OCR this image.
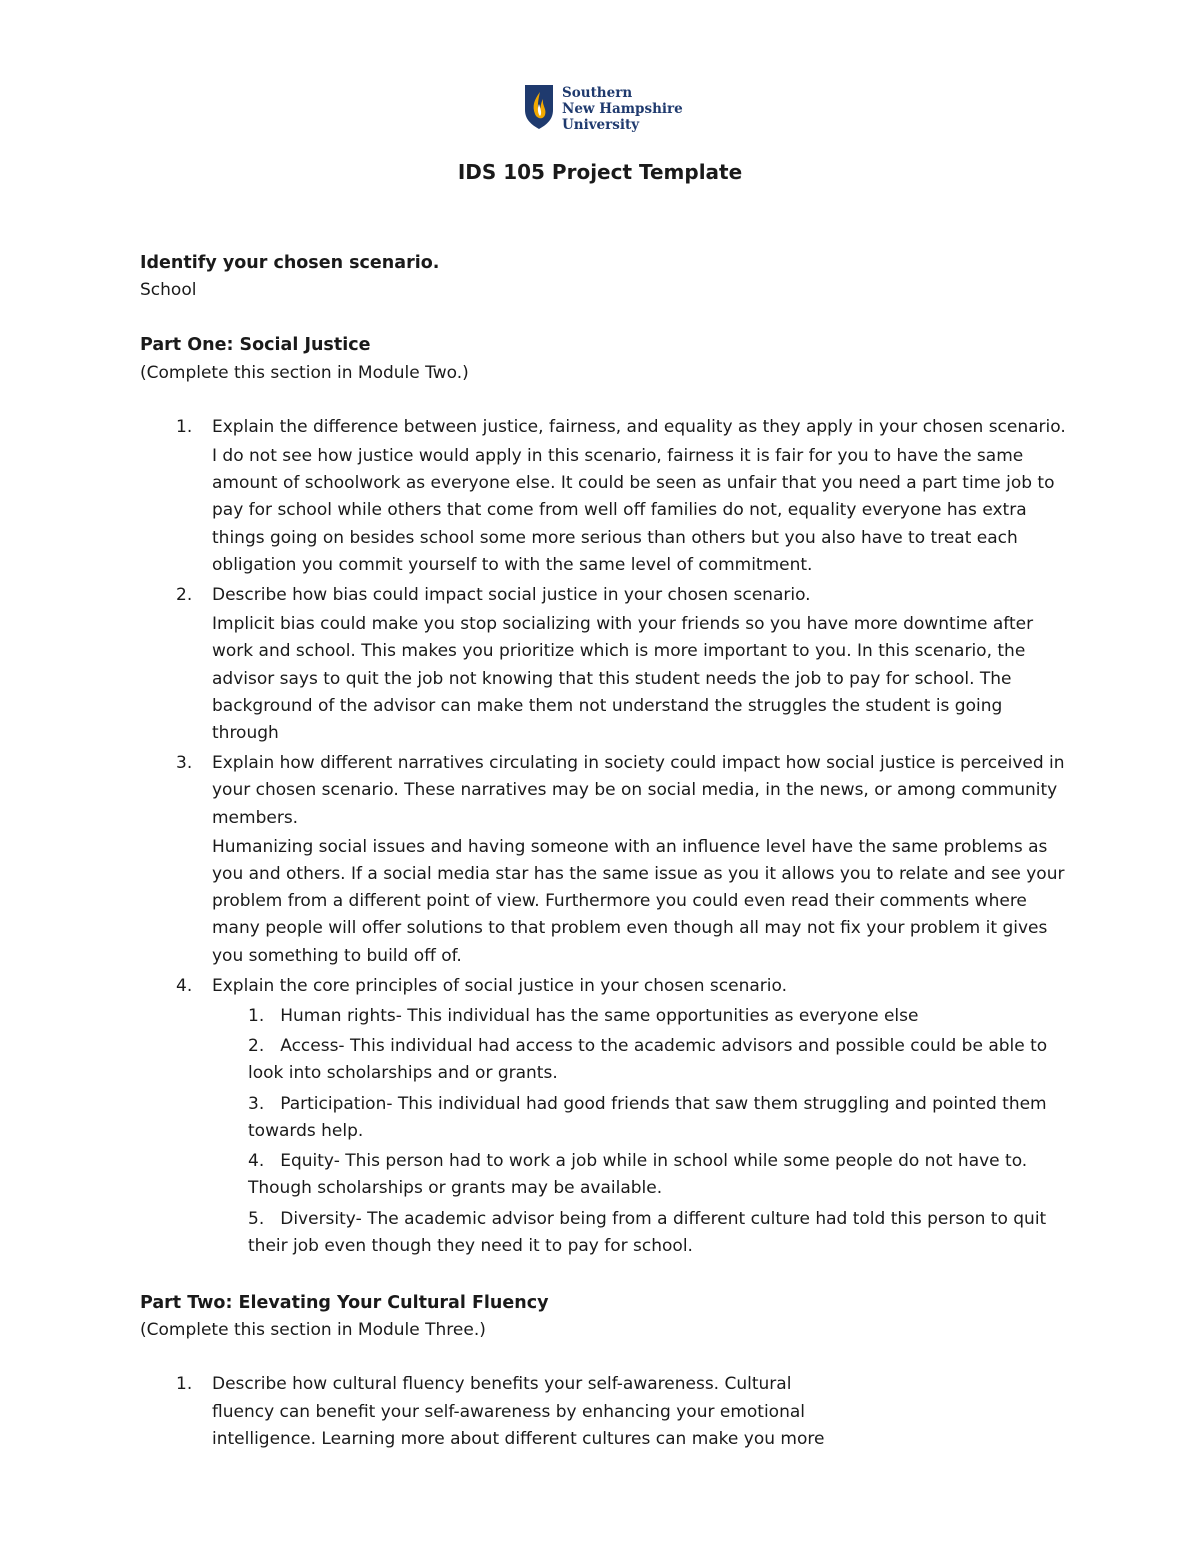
Southern
New Hampshire
University
IDS 105 Project Template
Identify your chosen scenario.
School
Part One: Social Justice
(Complete this section in Module Two.)
1. Explain the difference between justice, fairness, and equality as they apply in your chosen scenario.
I do not see how justice would apply in this scenario, fairness it is fair for you to have the same amount of schoolwork as everyone else. It could be seen as unfair that you need a part time job to pay for school while others that come from well off families do not, equality everyone has extra things going on besides school some more serious than others but you also have to treat each obligation you commit yourself to with the same level of commitment.
2. Describe how bias could impact social justice in your chosen scenario.
Implicit bias could make you stop socializing with your friends so you have more downtime after work and school. This makes you prioritize which is more important to you. In this scenario, the advisor says to quit the job not knowing that this student needs the job to pay for school. The background of the advisor can make them not understand the struggles the student is going through
3. Explain how different narratives circulating in society could impact how social justice is perceived in your chosen scenario. These narratives may be on social media, in the news, or among community members.
Humanizing social issues and having someone with an influence level have the same problems as you and others. If a social media star has the same issue as you it allows you to relate and see your problem from a different point of view. Furthermore you could even read their comments where many people will offer solutions to that problem even though all may not fix your problem it gives you something to build off of.
4. Explain the core principles of social justice in your chosen scenario.
1. Human rights- This individual has the same opportunities as everyone else
2. Access- This individual had access to the academic advisors and possible could be able to look into scholarships and or grants.
3. Participation- This individual had good friends that saw them struggling and pointed them towards help.
4. Equity- This person had to work a job while in school while some people do not have to. Though scholarships or grants may be available.
5. Diversity- The academic advisor being from a different culture had told this person to quit their job even though they need it to pay for school.
Part Two: Elevating Your Cultural Fluency
(Complete this section in Module Three.)
1. Describe how cultural fluency benefits your self-awareness. Cultural fluency can benefit your self-awareness by enhancing your emotional intelligence. Learning more about different cultures can make you more
